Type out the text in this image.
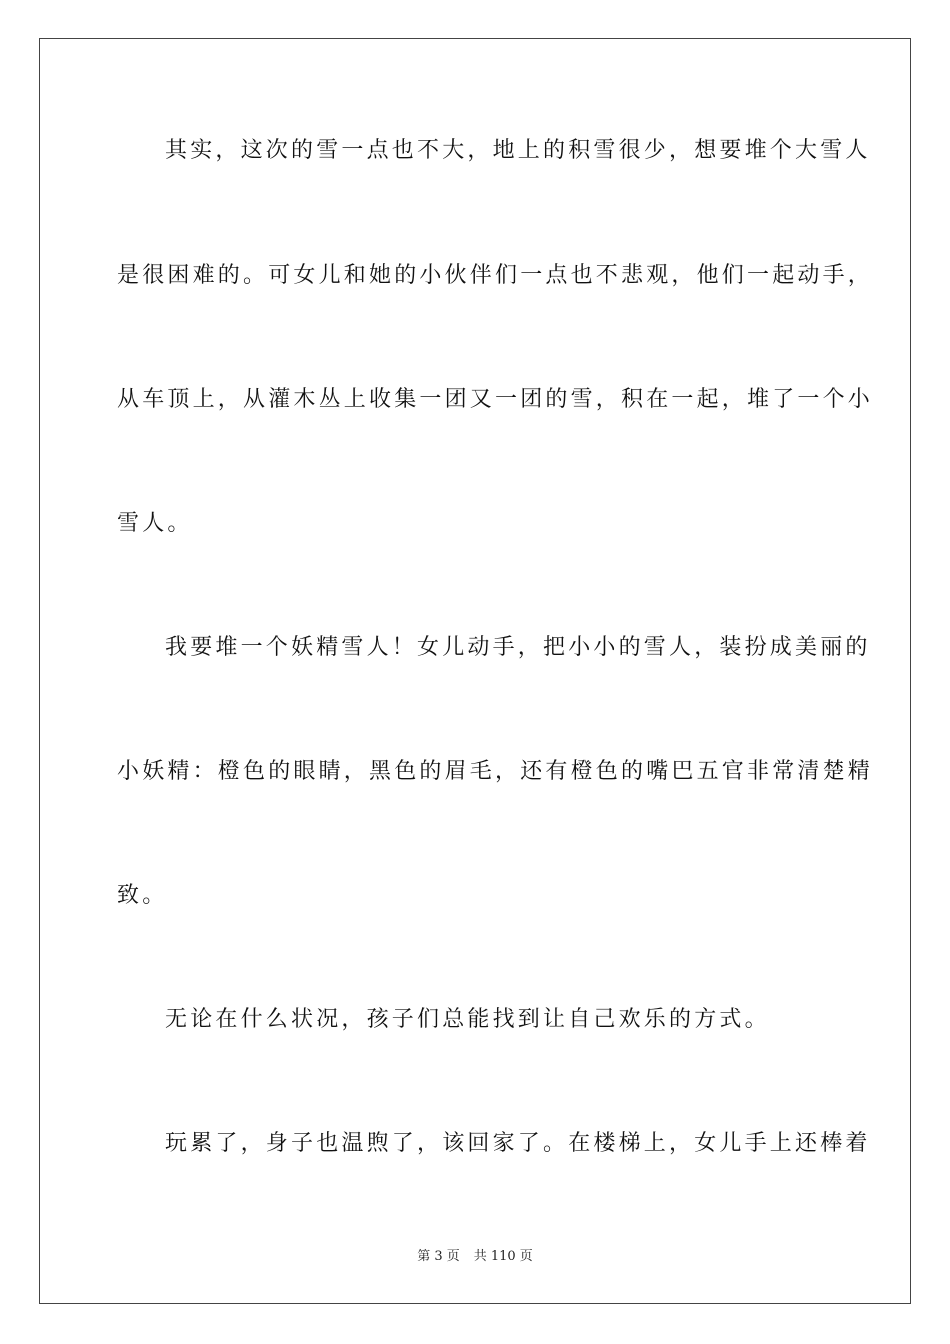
其实，这次的雪一点也不大，地上的积雪很少，想要堆个大雪人
是很困难的。可女儿和她的小伙伴们一点也不悲观，他们一起动手，
从车顶上，从灌木丛上收集一团又一团的雪，积在一起，堆了一个小
雪人。
我要堆一个妖精雪人！女儿动手，把小小的雪人，装扮成美丽的
小妖精：橙色的眼睛，黑色的眉毛，还有橙色的嘴巴五官非常清楚精
致。
无论在什么状况，孩子们总能找到让自己欢乐的方式。
玩累了，身子也温煦了，该回家了。在楼梯上，女儿手上还棒着
第 3 页 共 110 页
